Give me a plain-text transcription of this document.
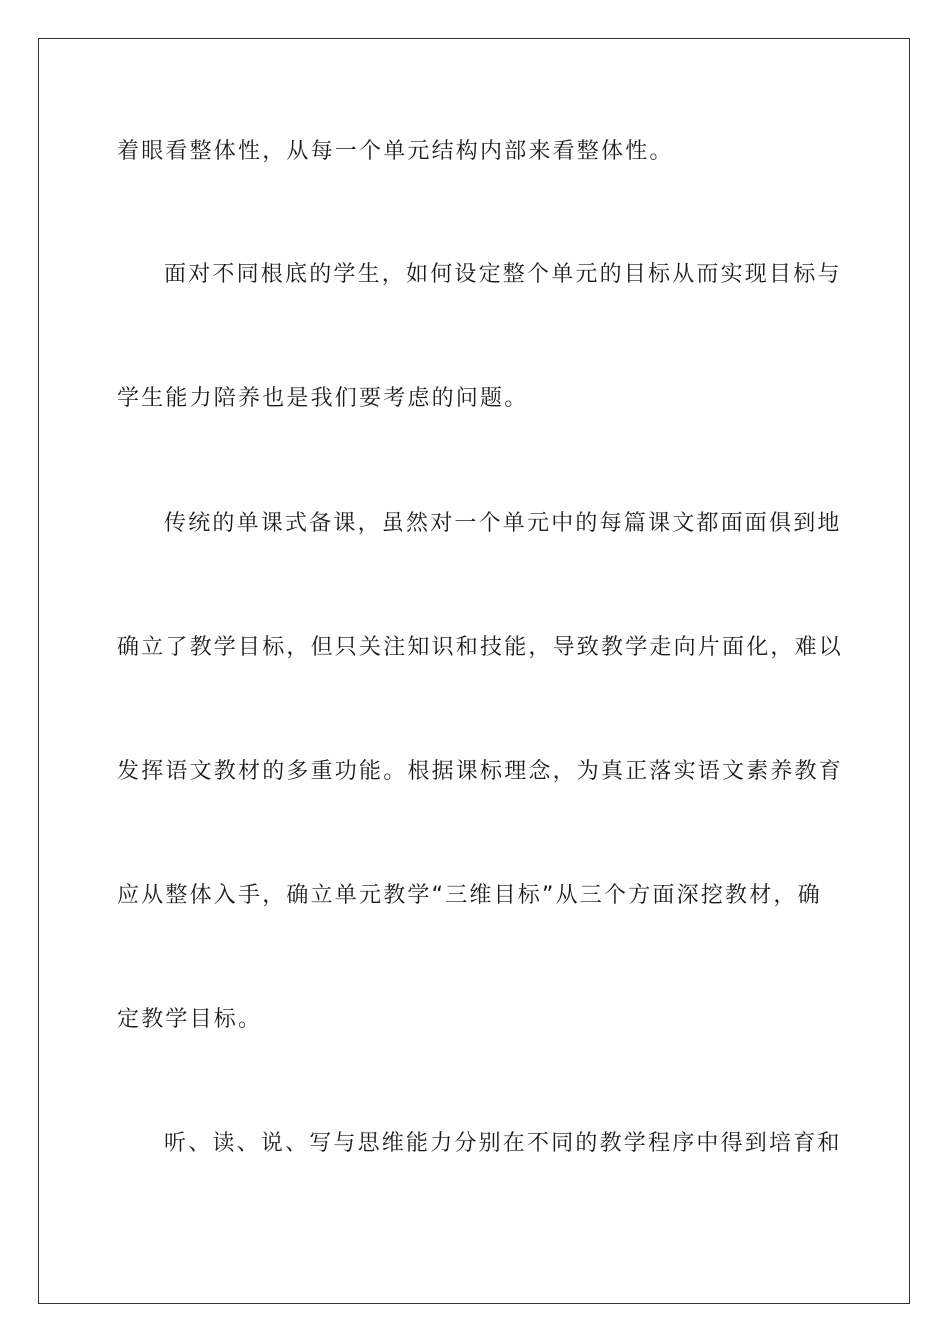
着眼看整体性，从每一个单元结构内部来看整体性。
面对不同根底的学生，如何设定整个单元的目标从而实现目标与
学生能力陪养也是我们要考虑的问题。
传统的单课式备课，虽然对一个单元中的每篇课文都面面俱到地
确立了教学目标，但只关注知识和技能，导致教学走向片面化，难以
发挥语文教材的多重功能。根据课标理念，为真正落实语文素养教育
应从整体入手，确立单元教学“三维目标”从三个方面深挖教材，确
定教学目标。
听、读、说、写与思维能力分别在不同的教学程序中得到培育和
